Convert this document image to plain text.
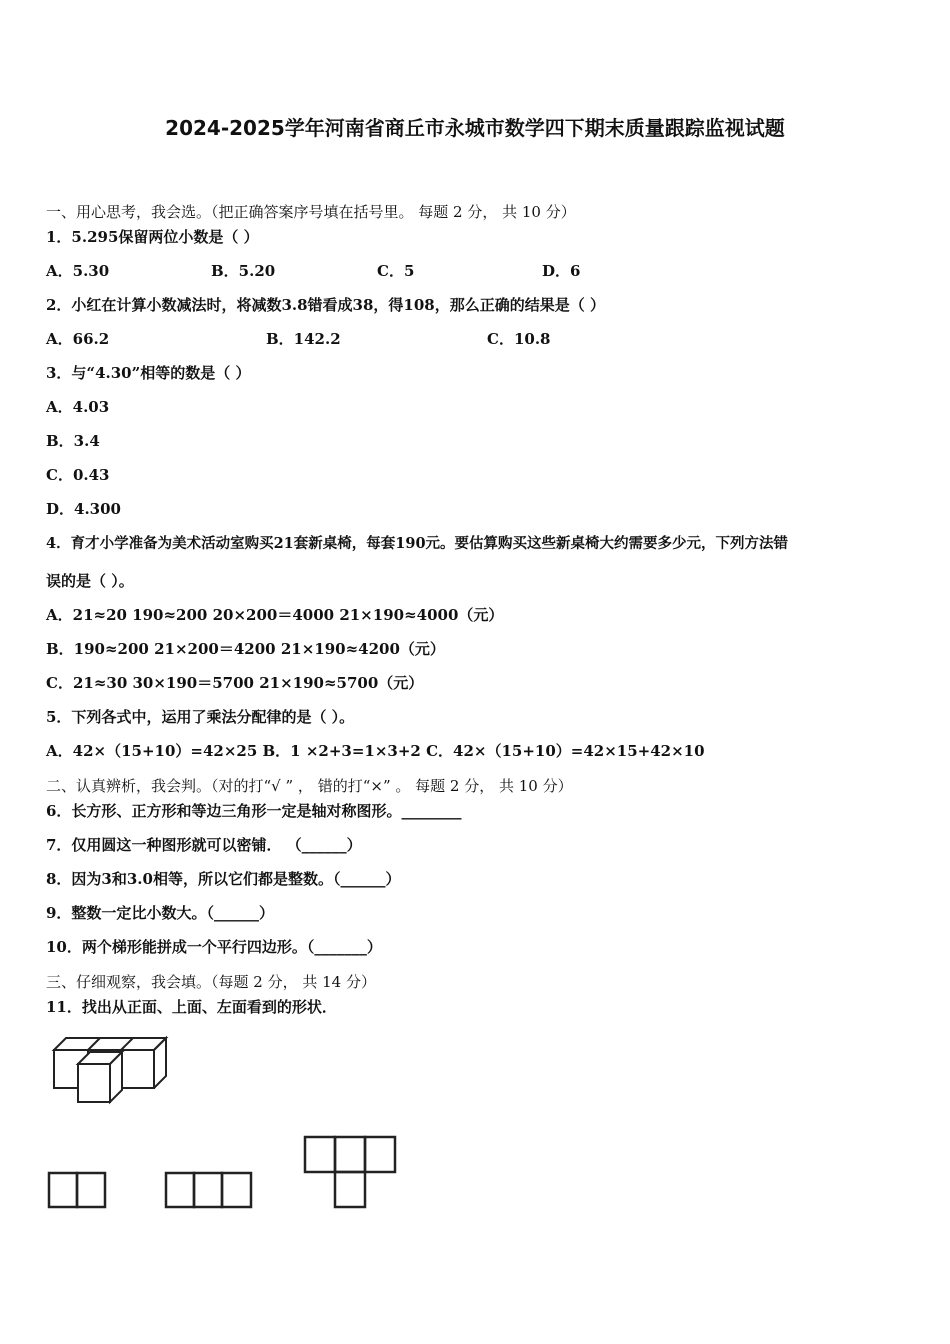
2024-2025学年河南省商丘市永城市数学四下期末质量跟踪监视试题
一、用心思考，我会选。（把正确答案序号填在括号里。 每题 2 分， 共 10 分）
1．5.295保留两位小数是（ ）
A．5.30	B．5.20	C．5	D．6
2．小红在计算小数减法时，将减数3.8错看成38，得108，那么正确的结果是（ ）
A．66.2	B．142.2	C．10.8
3．与“4.30”相等的数是（ ）
A．4.03
B．3.4
C．0.43
D．4.300
4．育才小学准备为美术活动室购买21套新桌椅，每套190元。要估算购买这些新桌椅大约需要多少元，下列方法错
误的是（ ）。
A．21≈20 190≈200 20×200＝4000 21×190≈4000（元）
B．190≈200 21×200＝4200 21×190≈4200（元）
C．21≈30 30×190＝5700 21×190≈5700（元）
5．下列各式中，运用了乘法分配律的是（ ）。
A．42×（15+10）=42×25 B．1 ×2+3=1×3+2 C．42×（15+10）=42×15+42×10
二、认真辨析，我会判。（对的打“√ ” ， 错的打“×” 。 每题 2 分， 共 10 分）
6．长方形、正方形和等边三角形一定是轴对称图形。________
7．仅用圆这一种图形就可以密铺． （______）
8．因为3和3.0相等，所以它们都是整数。（______）
9．整数一定比小数大。（______）
10．两个梯形能拼成一个平行四边形。（_______）
三、仔细观察，我会填。（每题 2 分， 共 14 分）
11．找出从正面、上面、左面看到的形状．
